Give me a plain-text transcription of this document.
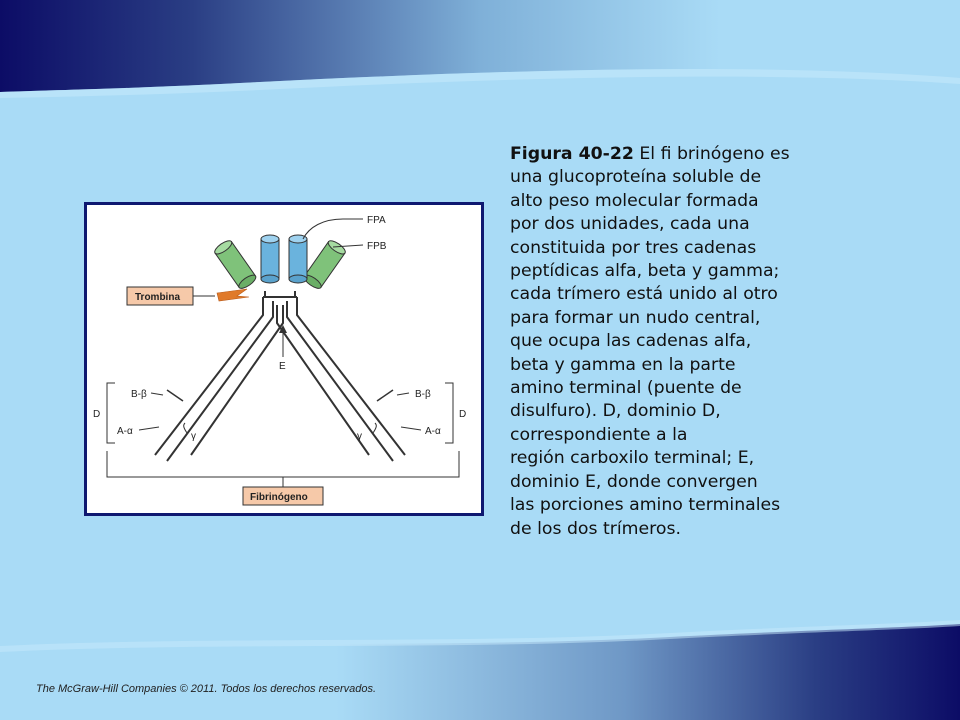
FPA
FPB
Trombina
E
D
B-β
A-α	γ
D
B-β
A-α
γ
Fibrinógeno
Figura 40-22 El fi brinógeno es
una glucoproteína soluble de
alto peso molecular formada
por dos unidades, cada una
constituida por tres cadenas
peptídicas alfa, beta y gamma;
cada trímero está unido al otro
para formar un nudo central,
que ocupa las cadenas alfa,
beta y gamma en la parte
amino terminal (puente de
disulfuro). D, dominio D,
correspondiente a la
región carboxilo terminal; E,
dominio E, donde convergen
las porciones amino terminales
de los dos trímeros.
The McGraw-Hill Companies © 2011. Todos los derechos reservados.
